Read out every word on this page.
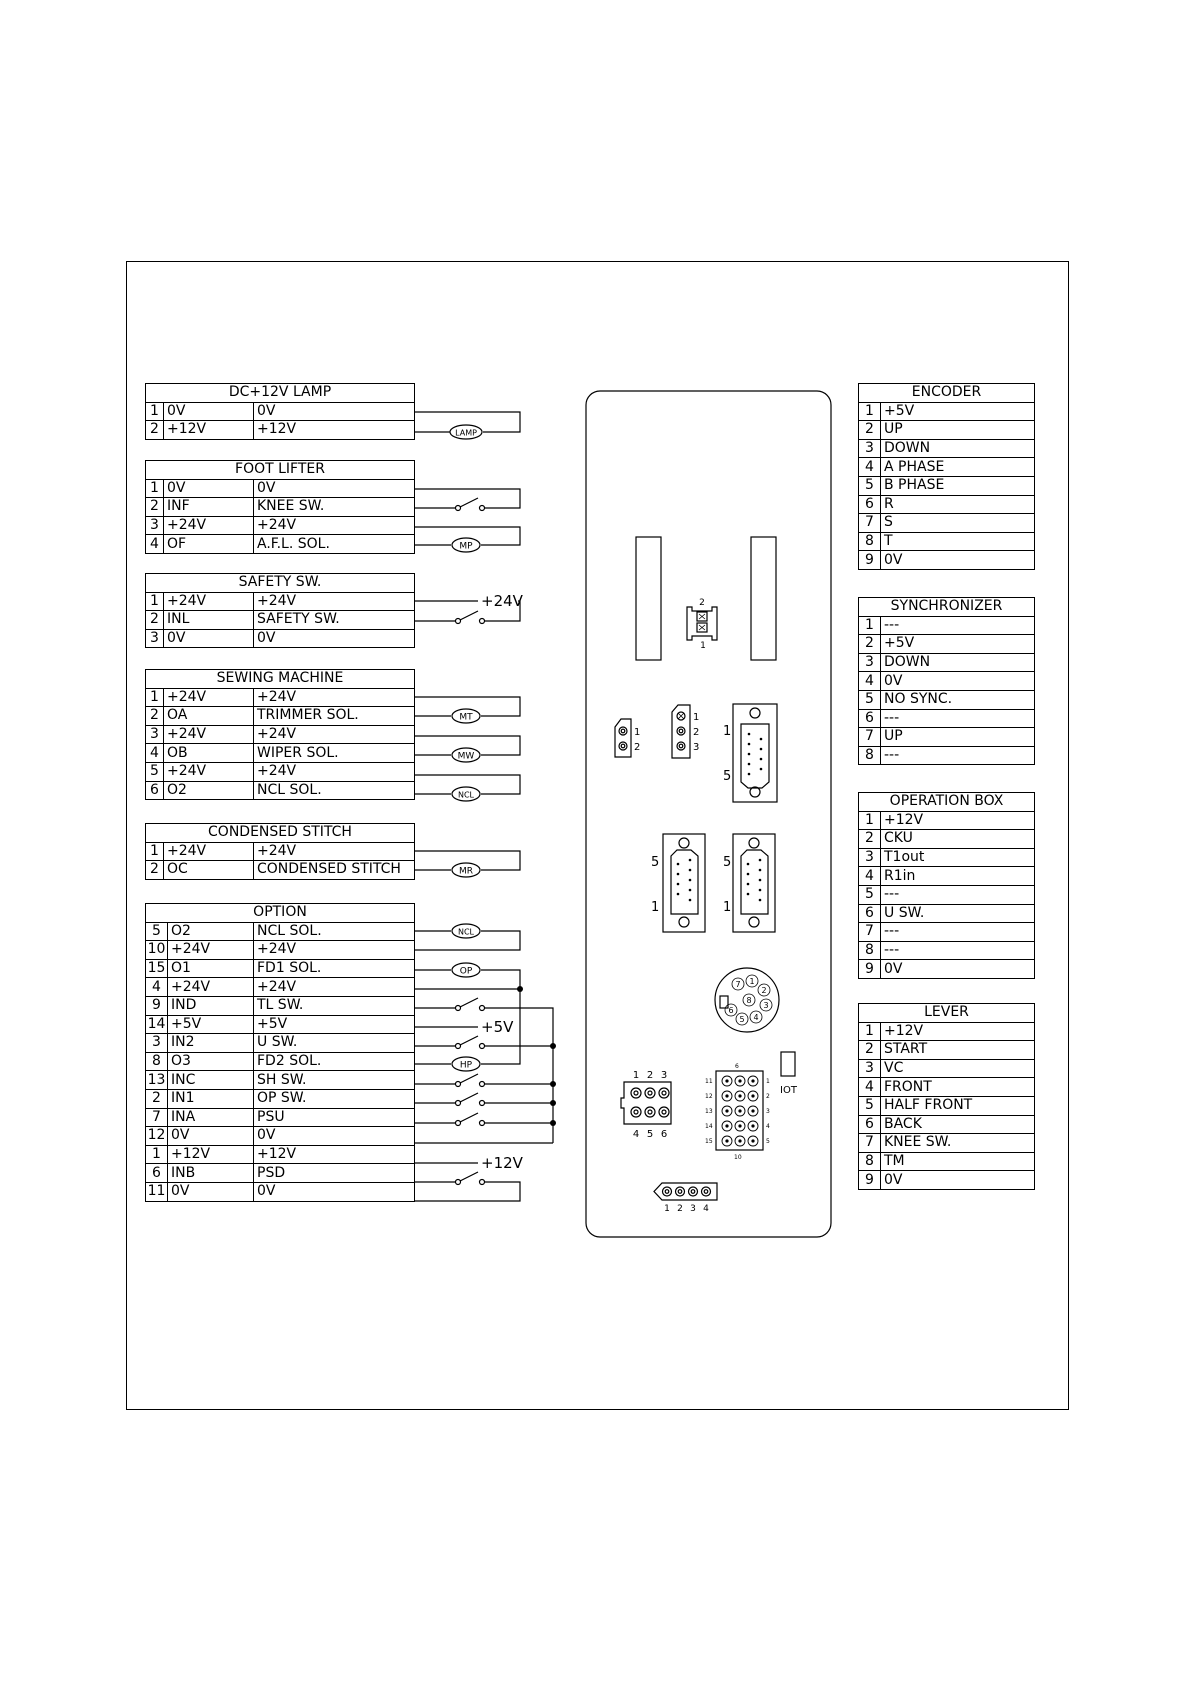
DC+12V LAMP		
1	0V	0V
2	+12V	+12V
FOOT LIFTER		
1	0V	0V
2	INF	KNEE SW.
3	+24V	+24V
4	OF	A.F.L. SOL.
SAFETY SW.		
1	+24V	+24V
2	INL	SAFETY SW.
3	0V	0V
SEWING MACHINE		
1	+24V	+24V
2	OA	TRIMMER SOL.
3	+24V	+24V
4	OB	WIPER SOL.
5	+24V	+24V
6	O2	NCL SOL.
CONDENSED STITCH		
1	+24V	+24V
2	OC	CONDENSED STITCH
OPTION		
5	O2	NCL SOL.
10	+24V	+24V
15	O1	FD1 SOL.
4	+24V	+24V
9	IND	TL SW.
14	+5V	+5V
3	IN2	U SW.
8	O3	FD2 SOL.
13	INC	SH SW.
2	IN1	OP SW.
7	INA	PSU
12	0V	0V
1	+12V	+12V
6	INB	PSD
11	0V	0V
ENCODER	
1	+5V
2	UP
3	DOWN
4	A PHASE
5	B PHASE
6	R
7	S
8	T
9	0V
SYNCHRONIZER	
1	---
2	+5V
3	DOWN
4	0V
5	NO SYNC.
6	---
7	UP
8	---
OPERATION BOX	
1	+12V
2	CKU
3	T1out
4	R1in
5	---
6	U SW.
7	---
8	---
9	0V
LEVER	
1	+12V
2	START
3	VC
4	FRONT
5	HALF FRONT
6	BACK
7	KNEE SW.
8	TM
9	0V
LAMP
MP
+24V
MT
MW
NCL
MR
NCL
OP
+5V
HP
+12V
2
1
1
2
1
2
3
1
5
5
1
5
1
1
2
3
4
5
6
7
8
1 2 3
4 5 6
6
10
11
12
13
14
15
1
2
3
4
5
IOT
1 2 3 4
